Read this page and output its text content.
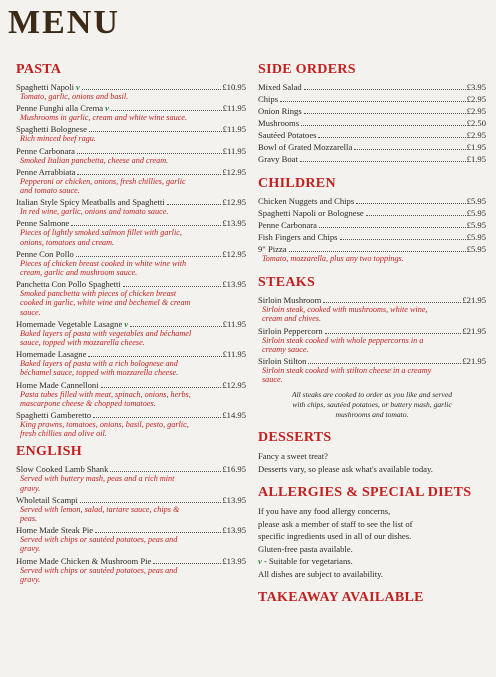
MENU
PASTA
Spaghetti Napoli v	£10.95
Tomato, garlic, onions and basil.
Penne Funghi alla Crema v	£11.95
Mushrooms in garlic, cream and white wine sauce.
Spaghetti Bolognese	£11.95
Rich minced beef ragu.
Penne Carbonara	£11.95
Smoked Italian pancbetta, cheese and cream.
Penne Arrabbiata	£12.95
Pepperoni or chicken, onions, fresh chillies, garlic
and tomato sauce.
Italian Style Spicy Meatballs and Spaghetti	£12.95
In red wine, garlic, onions and tomato sauce.
Penne Salmone	£13.95
Pieces of lightly smoked salmon fillet with garlic,
onions, tomatoes and cream.
Penne Con Pollo	£12.95
Pieces of chicken breast cooked in white wine with
cream, garlic and mushroom sauce.
Panchetta Con Pollo Spaghetti	£13.95
Smoked pancbetta with pieces of chicken breast
cooked in garlic, white wine and bechemel & cream
sauce.
Homemade Vegetable Lasagne v	£11.95
Baked layers of pasta with vegetables and béchamel
sauce, topped with mozzarella cheese.
Homemade Lasagne	£11.95
Baked layers of pasta with a rich bolognese and
béchamel sauce, topped with mozzarella cheese.
Home Made Cannelloni	£12.95
Pasta tubes filled with meat, spinach, onions, herbs,
mascarpone cheese & chopped tomatoes.
Spaghetti Gamberetto	£14.95
King prawns, tomatoes, onions, basil, pesto, garlic,
fresh chillies and olive oil.
ENGLISH
Slow Cooked Lamb Shank	£16.95
Served with buttery mash, peas and a rich mint
gravy.
Wholetail Scampi	£13.95
Served with lemon, salad, tartare sauce, chips &
peas.
Home Made Steak Pie	£13.95
Served with chips or sautéed potatoes, peas and
gravy.
Home Made Chicken & Mushroom Pie	£13.95
Served with chips or sautéed potatoes, peas and
gravy.
SIDE ORDERS
Mixed Salad	£3.95
Chips	£2.95
Onion Rings	£2.95
Mushrooms	£2.50
Sautéed Potatoes	£2.95
Bowl of Grated Mozzarella	£1.95
Gravy Boat	£1.95
CHILDREN
Chicken Nuggets and Chips	£5.95
Spaghetti Napoli or Bolognese	£5.95
Penne Carbonara	£5.95
Fish Fingers and Chips	£5.95
9" Pizza	£5.95
Tomato, mozzarella, plus any two toppings.
STEAKS
Sirloin Mushroom	£21.95
Sirloin steak, cooked with mushrooms, white wine,
cream and chives.
Sirloin Peppercorn	£21.95
Sirloin steak cooked with whole peppercorns in a
creamy sauce.
Sirloin Stilton	£21.95
Sirloin steak cooked with stilton cheese in a creamy
sauce.
All steaks are cooked to order as you like and served
with chips, sautéed potatoes, or buttery mash, garlic
mushrooms and tomato.
DESSERTS
Fancy a sweet treat?
Desserts vary, so please ask what's available today.
ALLERGIES & SPECIAL DIETS
If you have any food allergy concerns,
please ask a member of staff to see the list of
specific ingredients used in all of our dishes.
Gluten-free pasta available.
v - Suitable for vegetarians.
All dishes are subject to availability.
TAKEAWAY AVAILABLE
